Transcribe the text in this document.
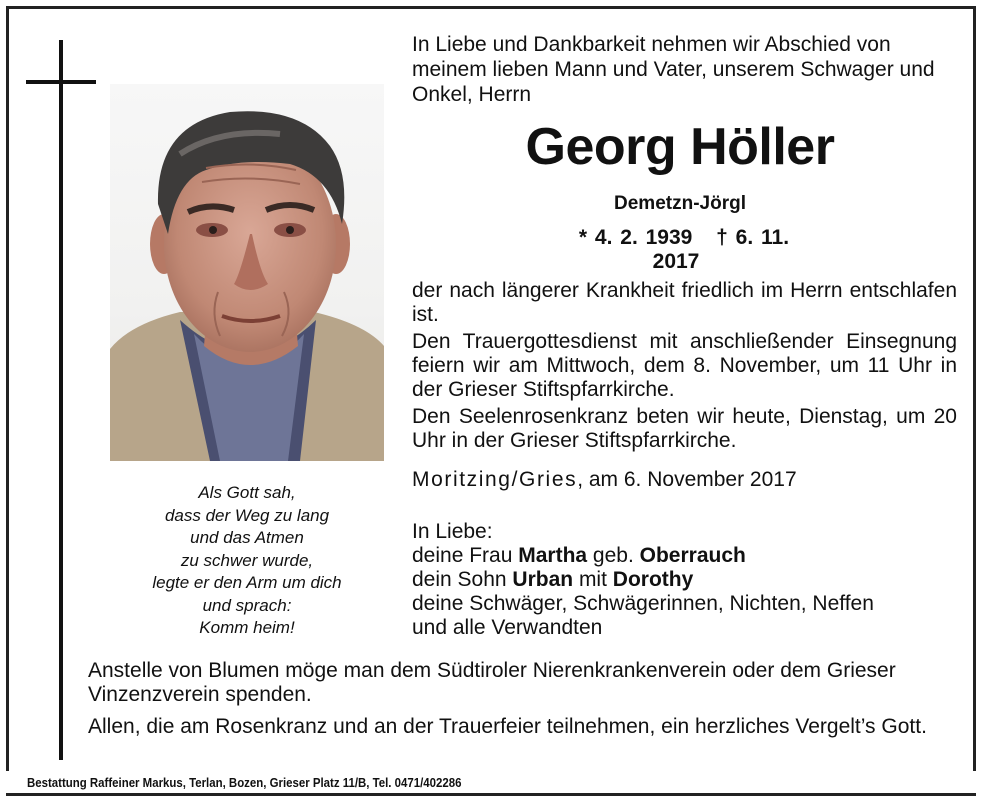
In Liebe und Dankbarkeit nehmen wir Abschied von meinem lieben Mann und Vater, unserem Schwager und Onkel, Herrn

Georg Höller

Demetzn-Jörgl

* 4. 2. 1939 † 6. 11. 2017

der nach längerer Krankheit friedlich im Herrn entschlafen ist.

Den Trauergottesdienst mit anschließender Einsegnung feiern wir am Mittwoch, dem 8. November, um 11 Uhr in der Grieser Stiftspfarrkirche.

Den Seelenrosenkranz beten wir heute, Dienstag, um 20 Uhr in der Grieser Stiftspfarrkirche.

Moritzing/Gries, am 6. November 2017

Als Gott sah,
dass der Weg zu lang
und das Atmen
zu schwer wurde,
legte er den Arm um dich
und sprach:
Komm heim!
In Liebe:
deine Frau Martha geb. Oberrauch
dein Sohn Urban mit Dorothy
deine Schwäger, Schwägerinnen, Nichten, Neffen
und alle Verwandten

Anstelle von Blumen möge man dem Südtiroler Nierenkrankenverein oder dem Grieser Vinzenzverein spenden.

Allen, die am Rosenkranz und an der Trauerfeier teilnehmen, ein herzliches Vergelt’s Gott.

Bestattung Raffeiner Markus, Terlan, Bozen, Grieser Platz 11/B, Tel. 0471/402286
